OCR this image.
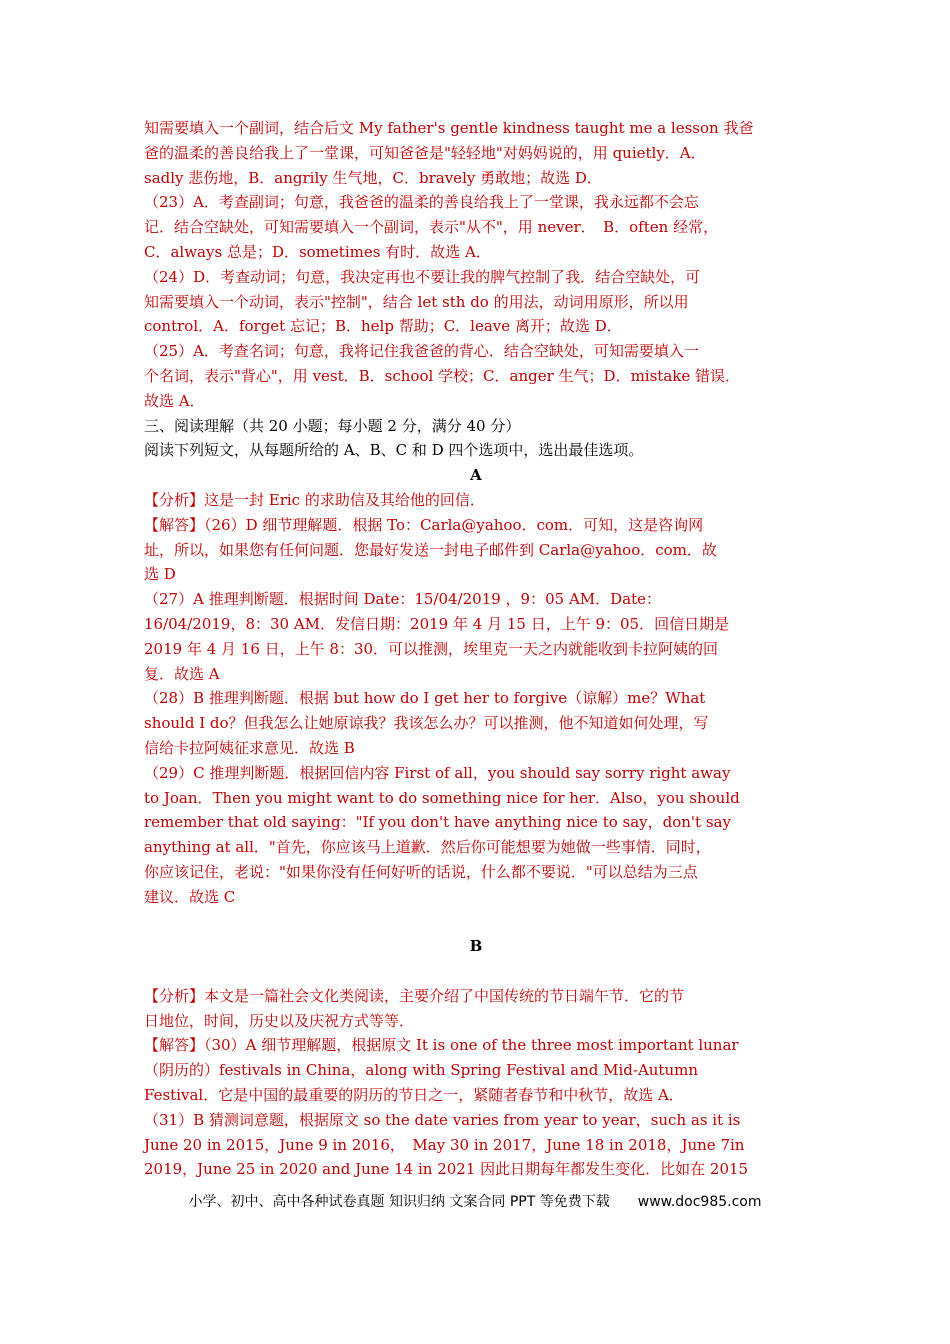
知需要填入一个副词，结合后文 My father's gentle kindness taught me a lesson 我爸

爸的温柔的善良给我上了一堂课，可知爸爸是"轻轻地"对妈妈说的，用 quietly．A．

sadly 悲伤地，B．angrily 生气地，C．bravely 勇敢地；故选 D．

（23）A．考查副词；句意，我爸爸的温柔的善良给我上了一堂课，我永远都不会忘

记．结合空缺处，可知需要填入一个副词，表示"从不"，用 never．　B．often 经常，

C．always 总是；D．sometimes 有时．故选 A．

（24）D．考查动词；句意，我决定再也不要让我的脾气控制了我．结合空缺处，可

知需要填入一个动词，表示"控制"，结合 let sth do 的用法，动词用原形，所以用

control．A．forget 忘记；B．help 帮助；C．leave 离开；故选 D．

（25）A．考查名词；句意，我将记住我爸爸的背心．结合空缺处，可知需要填入一

个名词，表示"背心"，用 vest．B．school 学校；C．anger 生气；D．mistake 错误．

故选 A．

三、阅读理解（共 20 小题；每小题 2 分，满分 40 分）

阅读下列短文，从每题所给的 A、B、C 和 D 四个选项中，选出最佳选项。

A

【分析】这是一封 Eric 的求助信及其给他的回信．

【解答】（26）D 细节理解题．根据 To：Carla@yahoo．com．可知，这是咨询网

址，所以，如果您有任何问题．您最好发送一封电子邮件到 Carla@yahoo．com．故

选 D

（27）A 推理判断题．根据时间 Date：15/04/2019 ，9：05 AM．Date：

16/04/2019，8：30 AM．发信日期：2019 年 4 月 15 日，上午 9：05．回信日期是

2019 年 4 月 16 日，上午 8：30．可以推测，埃里克一天之内就能收到卡拉阿姨的回

复．故选 A

（28）B 推理判断题．根据 but how do I get her to forgive（谅解）me？What

should I do？但我怎么让她原谅我？我该怎么办？可以推测，他不知道如何处理，写

信给卡拉阿姨征求意见．故选 B

（29）C 推理判断题．根据回信内容 First of all，you should say sorry right away

to Joan．Then you might want to do something nice for her．Also，you should

remember that old saying："If you don't have anything nice to say，don't say

anything at all．"首先，你应该马上道歉．然后你可能想要为她做一些事情．同时，

你应该记住，老说："如果你没有任何好听的话说，什么都不要说．"可以总结为三点

建议．故选 C

B

【分析】本文是一篇社会文化类阅读，主要介绍了中国传统的节日端午节．它的节

日地位，时间，历史以及庆祝方式等等．

【解答】（30）A 细节理解题，根据原文 It is one of the three most important lunar

（阴历的）festivals in China，along with Spring Festival and Mid-Autumn

Festival．它是中国的最重要的阴历的节日之一，紧随者春节和中秋节，故选 A．

（31）B 猜测词意题，根据原文 so the date varies from year to year，such as it is

June 20 in 2015，June 9 in 2016，　May 30 in 2017，June 18 in 2018，June 7in

2019，June 25 in 2020 and June 14 in 2021 因此日期每年都发生变化．比如在 2015

小学、初中、高中各种试卷真题 知识归纳 文案合同 PPT 等免费下载 www.doc985.com
